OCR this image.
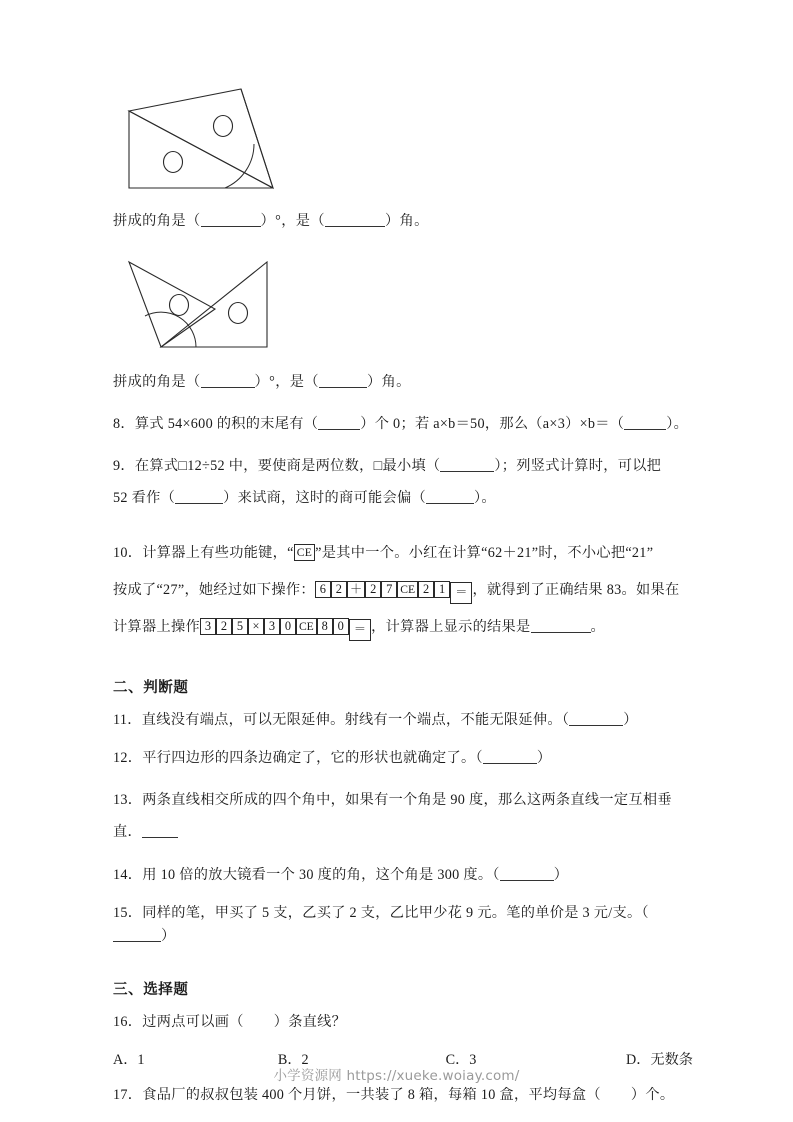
拼成的角是（	）°，是（	）角。
拼成的角是（	）°，是（	）角。
8．算式 54×600 的积的末尾有（	）个 0；若 a×b＝50，那么（a×3）×b＝（	）。
9．在算式□12÷52 中，要使商是两位数，□最小填（	）；列竖式计算时，可以把
52 看作（	）来试商，这时的商可能会偏（	）。
10．计算器上有些功能键，“ CE ”是其中一个。小红在计算“62＋21”时，不小心把“21”
按成了“27”，她经过如下操作： 6 2 ＋ 2 7 CE 2 1 ＝ ，就得到了正确结果 83。如果在
计算器上操作 3 2 5 × 3 0 CE 8 0 ＝ ，计算器上显示的结果是	。
二、判断题
11．直线没有端点，可以无限延伸。射线有一个端点，不能无限延伸。（	）
12．平行四边形的四条边确定了，它的形状也就确定了。（	）
13．两条直线相交所成的四个角中，如果有一个角是 90 度，那么这两条直线一定互相垂
直．
14．用 10 倍的放大镜看一个 30 度的角，这个角是 300 度。（	）
15．同样的笔，甲买了 5 支，乙买了 2 支，乙比甲少花 9 元。笔的单价是 3 元/支。（）
三、选择题
16．过两点可以画（ ）条直线？
A．1	B．2	C．3	D．无数条
17．食品厂的叔叔包装 400 个月饼，一共装了 8 箱，每箱 10 盒，平均每盒（ ）个。
小学资源网 https://xueke.woiay.com/
